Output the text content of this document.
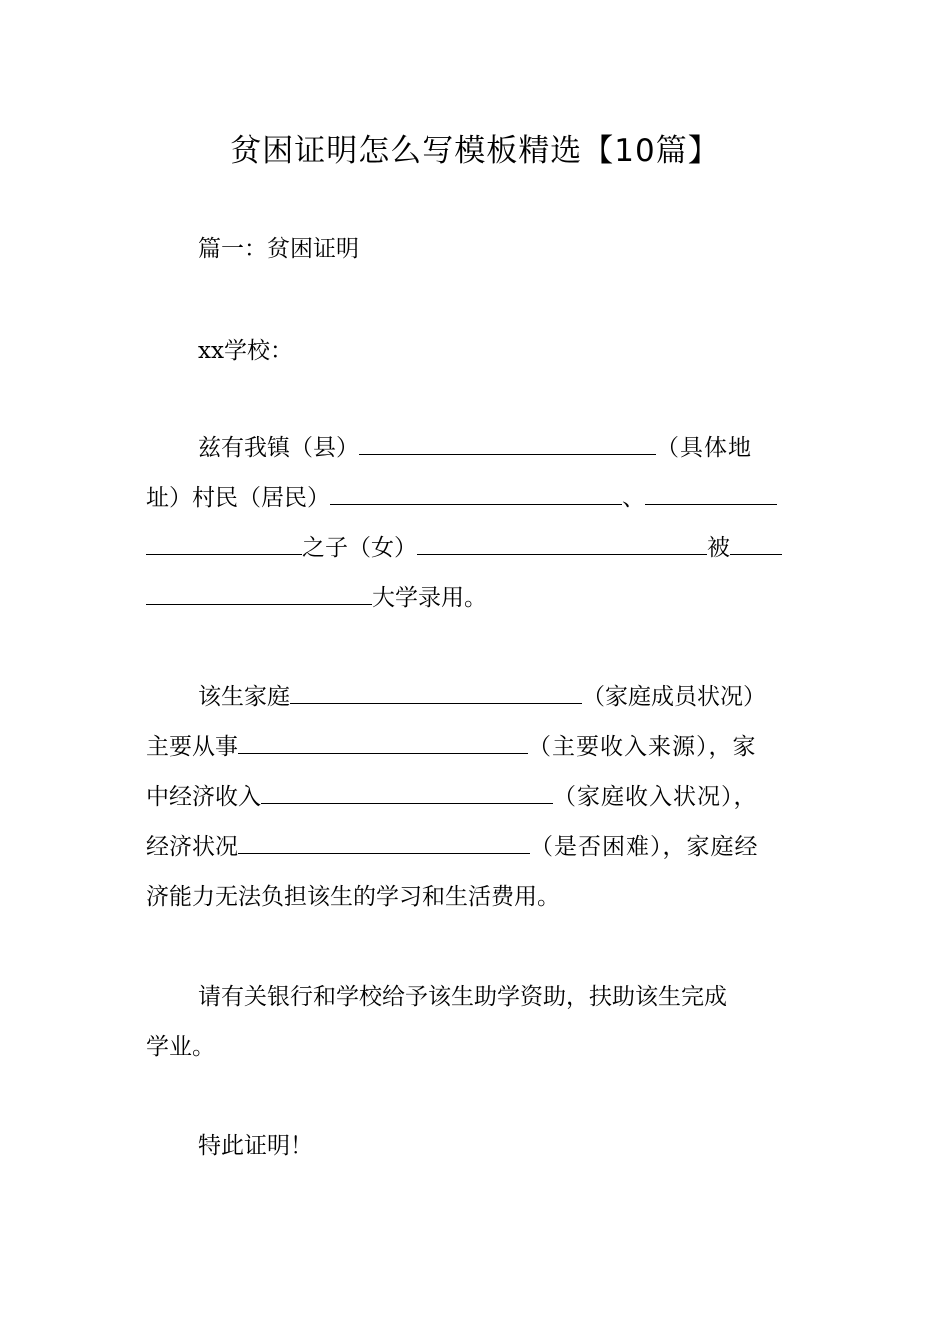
贫困证明怎么写模板精选【10篇】
篇一：贫困证明
xx学校：
兹有我镇（县）	（具体地
址）村民（居民）	、
之子（女）	被
大学录用。
该生家庭	（家庭成员状况）
主要从事	（主要收入来源），家
中经济收入	（家庭收入状况），
经济状况	（是否困难），家庭经
济能力无法负担该生的学习和生活费用。
请有关银行和学校给予该生助学资助，扶助该生完成
学业。
特此证明！
